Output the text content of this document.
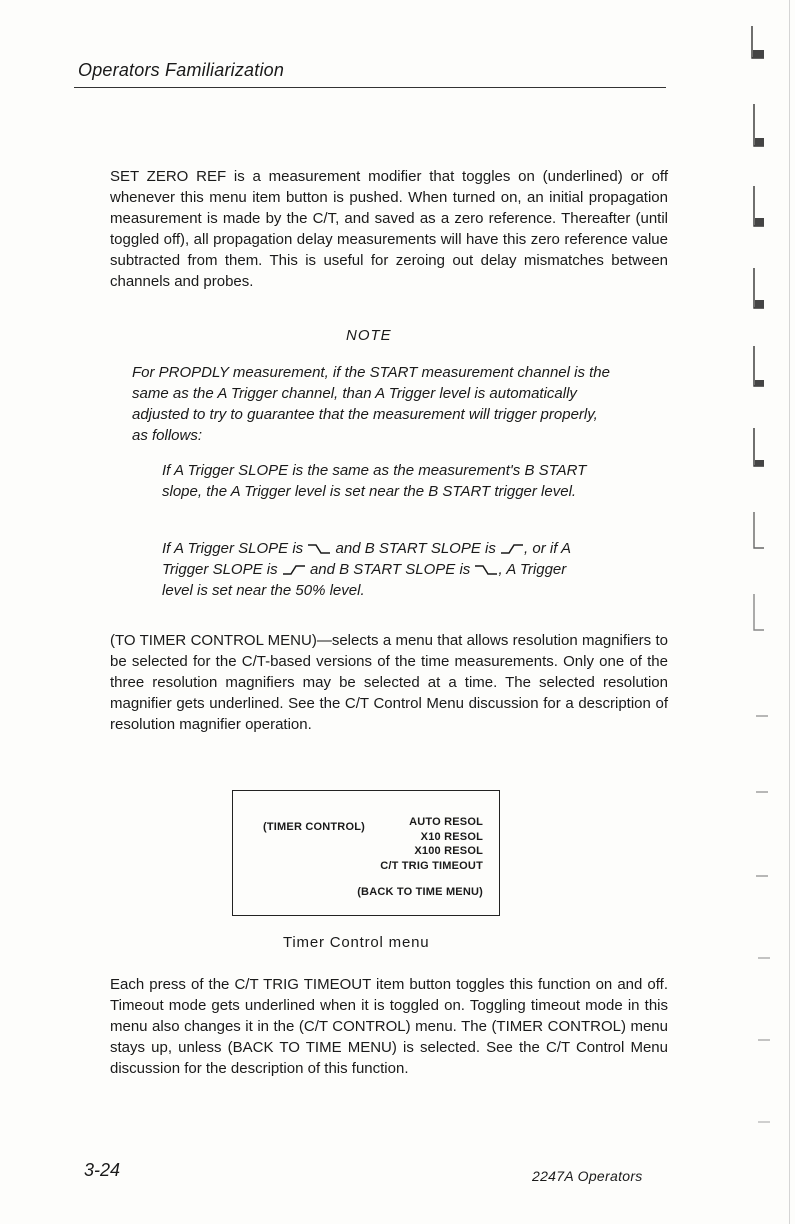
Operators Familiarization

SET ZERO REF is a measurement modifier that toggles on (underlined) or off whenever this menu item button is pushed. When turned on, an initial propagation measurement is made by the C/T, and saved as a zero reference. Thereafter (until toggled off), all propagation delay measurements will have this zero reference value subtracted from them. This is useful for zeroing out delay mismatches between channels and probes.

NOTE

For PROPDLY measurement, if the START measurement channel is the same as the A Trigger channel, than A Trigger level is automatically adjusted to try to guarantee that the measurement will trigger properly, as follows:

If A Trigger SLOPE is the same as the measurement's B START slope, the A Trigger level is set near the B START trigger level.

If A Trigger SLOPE is and B START SLOPE is , or if A Trigger SLOPE is and B START SLOPE is , A Trigger level is set near the 50% level.

(TO TIMER CONTROL MENU)—selects a menu that allows resolution magnifiers to be selected for the C/T-based versions of the time measurements. Only one of the three resolution magnifiers may be selected at a time. The selected resolution magnifier gets underlined. See the C/T Control Menu discussion for a description of resolution magnifier operation.

(TIMER CONTROL)	AUTO RESOL
X10 RESOL
X100 RESOL
C/T TRIG TIMEOUT
(BACK TO TIME MENU)
Timer Control menu

Each press of the C/T TRIG TIMEOUT item button toggles this function on and off. Timeout mode gets underlined when it is toggled on. Toggling timeout mode in this menu also changes it in the (C/T CONTROL) menu. The (TIMER CONTROL) menu stays up, unless (BACK TO TIME MENU) is selected. See the C/T Control Menu discussion for the description of this function.

3-24	2247A Operators
